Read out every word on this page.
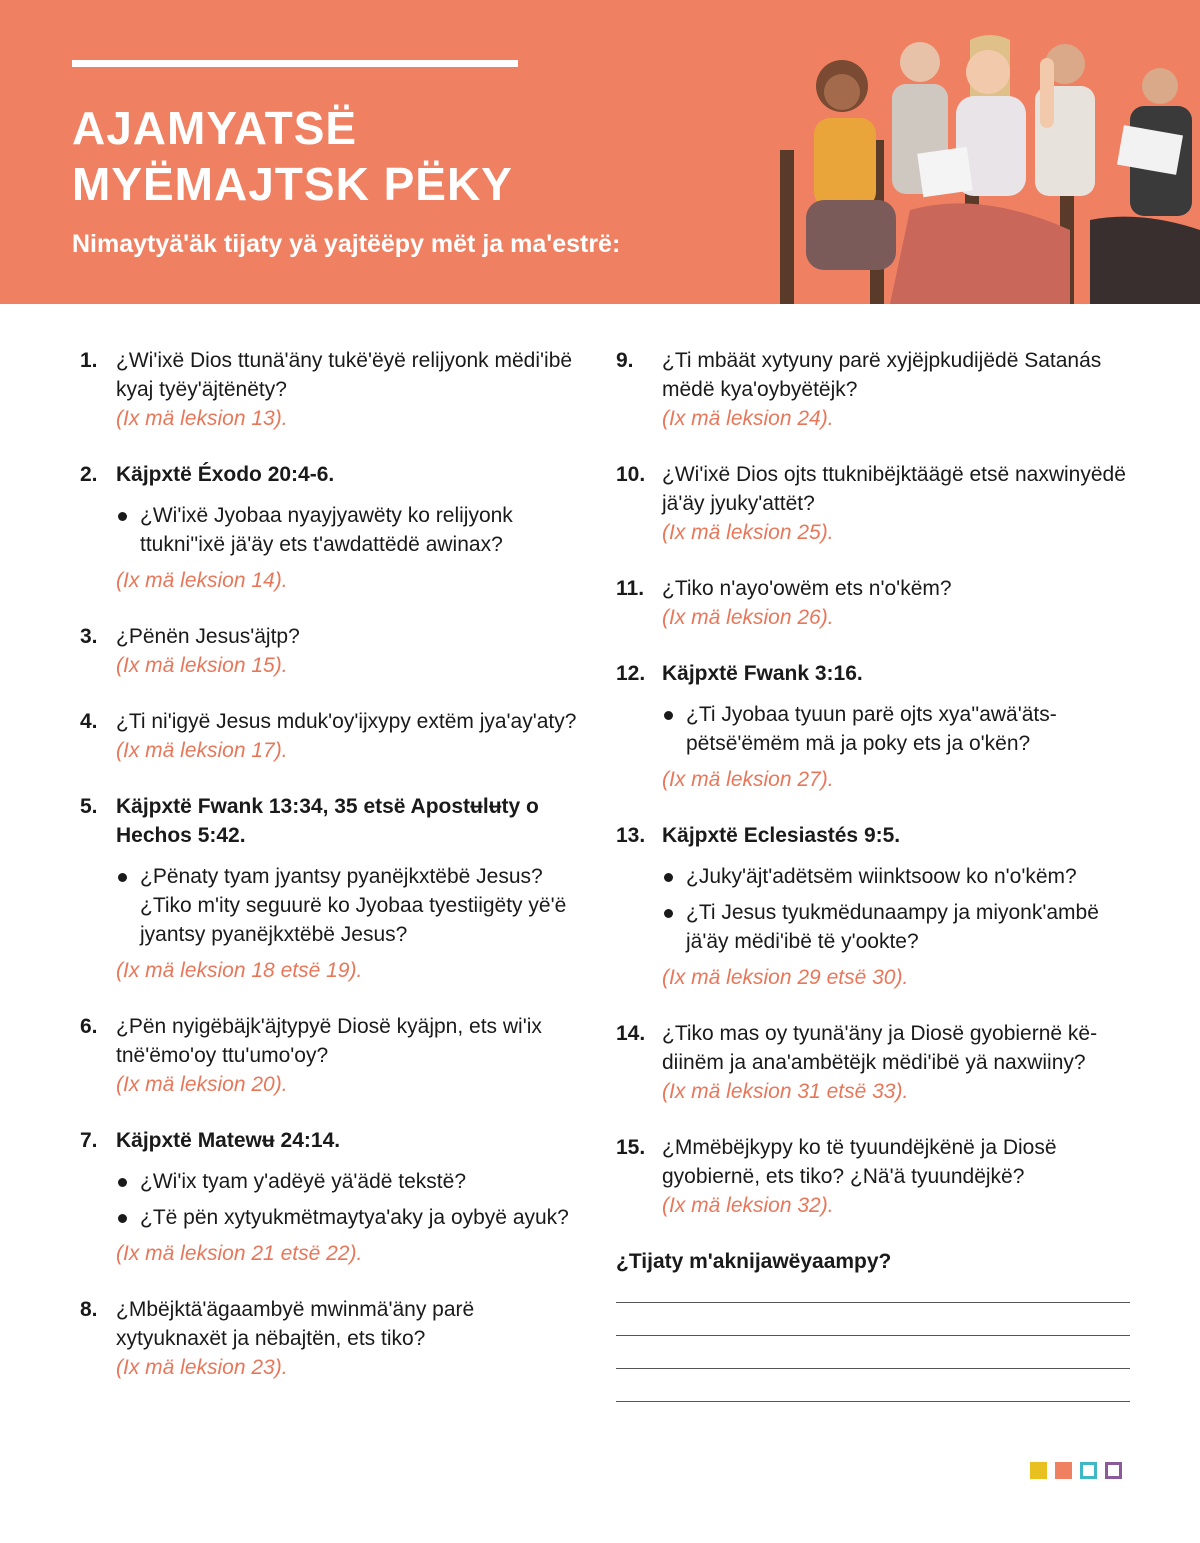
AJAMYATSË
MYËMAJTSK PËKY
Nimaytyä'äk tijaty yä yajtëëpy mët ja ma'estrë:
1. ¿Wi'ixë Dios ttunä'äny tukë'ëyë relijyonk mëdi'ibë kyaj tyëy'äjtënëty?
(Ix mä leksion 13).
2. Käjpxtë Éxodo 20:4-6.
¿Wi'ixë Jyobaa nyayjyawëty ko relijyonk ttukni''ixë jä'äy ets t'awdattëdë awinax?
(Ix mä leksion 14).
3. ¿Pënën Jesus'äjtp?
(Ix mä leksion 15).
4. ¿Ti ni'igyë Jesus mduk'oy'ijxypy extëm jya'ay'aty?
(Ix mä leksion 17).
5. Käjpxtë Fwank 13:34, 35 etsë Apostʉlʉty o Hechos 5:42.
¿Pënaty tyam jyantsy pyanëjkxtëbë Jesus? ¿Tiko m'ity seguurë ko Jyobaa tyestiigëty yë'ë jyantsy pyanëjkxtëbë Jesus?
(Ix mä leksion 18 etsë 19).
6. ¿Pën nyigëbäjk'äjtypyë Diosë kyäjpn, ets wi'ix tnë'ëmo'oy ttu'umo'oy?
(Ix mä leksion 20).
7. Käjpxtë Matewʉ 24:14.
¿Wi'ix tyam y'adëyë yä'ädë tekstë?
¿Të pën xytyukmëtmaytya'aky ja oybyë ayuk?
(Ix mä leksion 21 etsë 22).
8. ¿Mbëjktä'ägaambyë mwinmä'äny parë xytyuknaxët ja nëbajtën, ets tiko?
(Ix mä leksion 23).
9. ¿Ti mbäät xytyuny parë xyjëjpkudijëdë Satanás mëdë kya'oybyëtëjk?
(Ix mä leksion 24).
10. ¿Wi'ixë Dios ojts ttuknibëjktäägë etsë naxwinyëdë jä'äy jyuky'attët?
(Ix mä leksion 25).
11. ¿Tiko n'ayo'owëm ets n'o'këm?
(Ix mä leksion 26).
12. Käjpxtë Fwank 3:16.
¿Ti Jyobaa tyuun parë ojts xya''awä'äts-pëtsë'ëmëm mä ja poky ets ja o'kën?
(Ix mä leksion 27).
13. Käjpxtë Eclesiastés 9:5.
¿Juky'äjt'adëtsëm wiinktsoow ko n'o'këm?
¿Ti Jesus tyukmëdunaampy ja miyonk'ambë jä'äy mëdi'ibë të y'ookte?
(Ix mä leksion 29 etsë 30).
14. ¿Tiko mas oy tyunä'äny ja Diosë gyobiernë kë-diinëm ja ana'ambëtëjk mëdi'ibë yä naxwiiny?
(Ix mä leksion 31 etsë 33).
15. ¿Mmëbëjkypy ko të tyuundëjkënë ja Diosë gyobiernë, ets tiko? ¿Nä'ä tyuundëjkë?
(Ix mä leksion 32).
¿Tijaty m'aknijawëyaampy?
